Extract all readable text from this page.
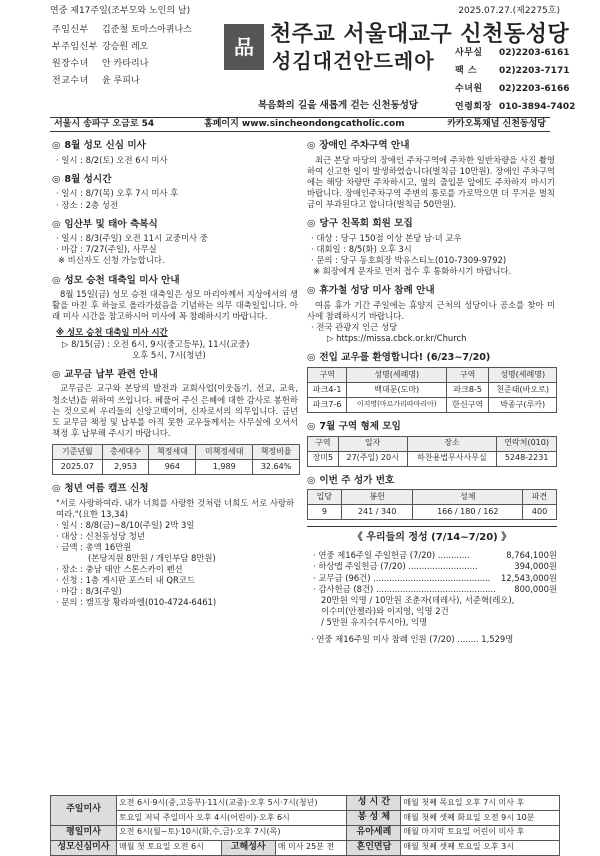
연중 제17주일(조부모와 노인의 날)	2025.07.27.(제2275호)
주임신부 김준철 토마스아퀴나스
부주임신부 강승원 레오
원장수녀 안 카타리나
전교수녀 윤 루피나
品 천주교 서울대교구 신천동성당
성김대건안드레아
복음화의 길을 새롭게 걷는 신천동성당
사무실 02)2203-6161
팩 스 02)2203-7171
수녀원 02)2203-6166
연령회장 010-3894-7402
서울시 송파구 오금로 54	홈페이지 www.sincheondongcatholic.com	카카오톡채널 신천동성당
◎ 8월 성모 신심 미사
· 일시 : 8/2(토) 오전 6시 미사
◎ 8월 성시간
· 일시 : 8/7(목) 오후 7시 미사 후
· 장소 : 2층 성전
◎ 임산부 및 태아 축복식
· 일시 : 8/3(주일) 오전 11시 교중미사 중
· 마감 : 7/27(주일), 사무실
※ 비신자도 신청 가능합니다.
◎ 성모 승천 대축일 미사 안내
8월 15일(금) 성모 승천 대축일은 성모 마리아께서 지상에서의 생활을 마친 후 하늘로 올라가셨음을 기념하는 의무 대축일입니다. 아래 미사 시간을 참고하시어 미사에 꼭 참례하시기 바랍니다.
※ 성모 승천 대축일 미사 시간
▷ 8/15(금) : 오전 6시, 9시(중고등부), 11시(교중)
오후 5시, 7시(청년)
◎ 교무금 납부 관련 안내
교무금은 교구와 본당의 발전과 교회사업(이웃돕기, 선교, 교육, 청소년)을 위하여 쓰입니다. 베풀어 주신 은혜에 대한 감사로 봉헌하는 것으로써 우리들의 신앙고백이며, 신자로서의 의무입니다. 금년도 교무금 책정 및 납부를 아직 못한 교우들께서는 사무실에 오셔서 책정 후 납부해 주시기 바랍니다.
기준년월	총세대수	책정세대	미책정세대	책정비율
2025.07	2,953	964	1,989	32.64%
◎ 청년 여름 캠프 신청
"서로 사랑하여라. 내가 너희를 사랑한 것처럼 너희도 서로 사랑하여라."(요한 13,34)
· 일시 : 8/8(금)~8/10(주일) 2박 3일
· 대상 : 신천동성당 청년
· 금액 : 총액 16만원
(본당지원 8만원 / 개인부담 8만원)
· 장소 : 충남 태안 스톤스카이 펜션
· 신청 : 1층 게시판 포스터 내 QR코드
· 마감 : 8/3(주일)
· 문의 : 캠프장 황라파엘(010-4724-6461)
◎ 장애인 주차구역 안내
최근 본당 마당의 장애인 주차구역에 주차한 일반차량을 사진 촬영하여 신고한 일이 발생하였습니다(벌칙금 10만원). 장애인 주차구역에는 해당 차량만 주차하시고, 옆의 출입문 앞에도 주차하지 마시기 바랍니다. 장애인주차구역 주변의 통로를 가로막으면 더 무거운 벌칙금이 부과된다고 합니다(벌칙금 50만원).
◎ 당구 친목회 회원 모집
· 대상 : 당구 150점 이상 본당 남·녀 교우
· 대회일 : 8/5(화) 오후 3시
· 문의 : 당구 동호회장 박유스티노(010-7309-9792)
※ 회장에게 문자로 먼저 접수 후 통화하시기 바랍니다.
◎ 휴가철 성당 미사 참례 안내
여름 휴가 기간 주일에는 휴양지 근처의 성당이나 공소를 찾아 미사에 참례하시기 바랍니다.
· 전국 관광지 인근 성당
▷ https://missa.cbck.or.kr/Church
◎ 전입 교우를 환영합니다! (6/23~7/20)
구역	성명(세례명)	구역	성명(세례명)
파크4-1	백대문(도마)	파크8-5	천준태(바오로)
파크7-6	이지명(마르가리따마리아)	한신구역	박종구(루카)
◎ 7월 구역 형제 모임
구역	일자	장소	연락처(010)
장미5	27(주일) 20시	하찬용법무사사무실	5248-2231
◎ 이번 주 성가 번호
입당	봉헌	성체	파견
9	241 / 340	166 / 180 / 162	400
《 우리들의 정성 (7/14~7/20) 》
· 연중 제16주일 주일헌금 (7/20) ............	8,764,100원
· 하상맵 주일헌금 (7/20) ..........................	394,000원
· 교무금 (96건) ............................................	12,543,000원
· 감사헌금 (8건) .............................................	800,000원
20만원 익명 / 10만원 조춘자(데레사), 서준혁(레오),
이수미(안젤라)와 이지영, 익명 2건
/ 5만원 유지수(루시아), 익명
· 연중 제16주일 미사 참례 인원 (7/20) ........ 1,529명
주일미사	오전 6시·9시(중,고등부)·11시(교중)·오후 5시·7시(청년)			성 시 간	매월 첫째 목요일 오후 7시 미사 후
	토요일 저녁 주일미사 오후 4시(어린이)·오후 6시			봉 성 체	매월 첫째 셋째 화요일 오전 9시 10분
평일미사	오전 6시(월~토)·10시(화,수,금)·오후 7시(목)			유아세례	매월 마지막 토요일 어린이 미사 후
성모신심미사	매월 첫 토요일 오전 6시	고해성사	매 미사 25분 전	혼인면담	매월 첫째 셋째 토요일 오후 3시
